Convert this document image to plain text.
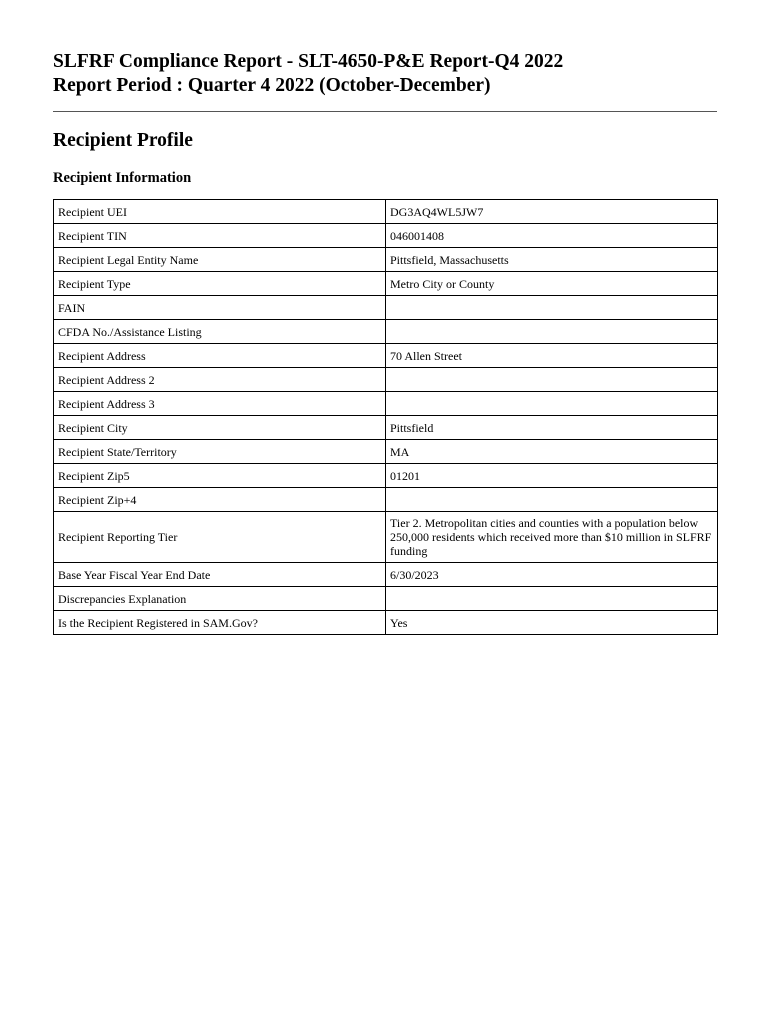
SLFRF Compliance Report - SLT-4650-P&E Report-Q4 2022
Report Period : Quarter 4 2022 (October-December)
Recipient Profile
Recipient Information
Recipient UEI	DG3AQ4WL5JW7
Recipient TIN	046001408
Recipient Legal Entity Name	Pittsfield, Massachusetts
Recipient Type	Metro City or County
FAIN	
CFDA No./Assistance Listing	
Recipient Address	70 Allen Street
Recipient Address 2	
Recipient Address 3	
Recipient City	Pittsfield
Recipient State/Territory	MA
Recipient Zip5	01201
Recipient Zip+4	
Recipient Reporting Tier	Tier 2. Metropolitan cities and counties with a population below 250,000 residents which received more than $10 million in SLFRF funding
Base Year Fiscal Year End Date	6/30/2023
Discrepancies Explanation	
Is the Recipient Registered in SAM.Gov?	Yes
